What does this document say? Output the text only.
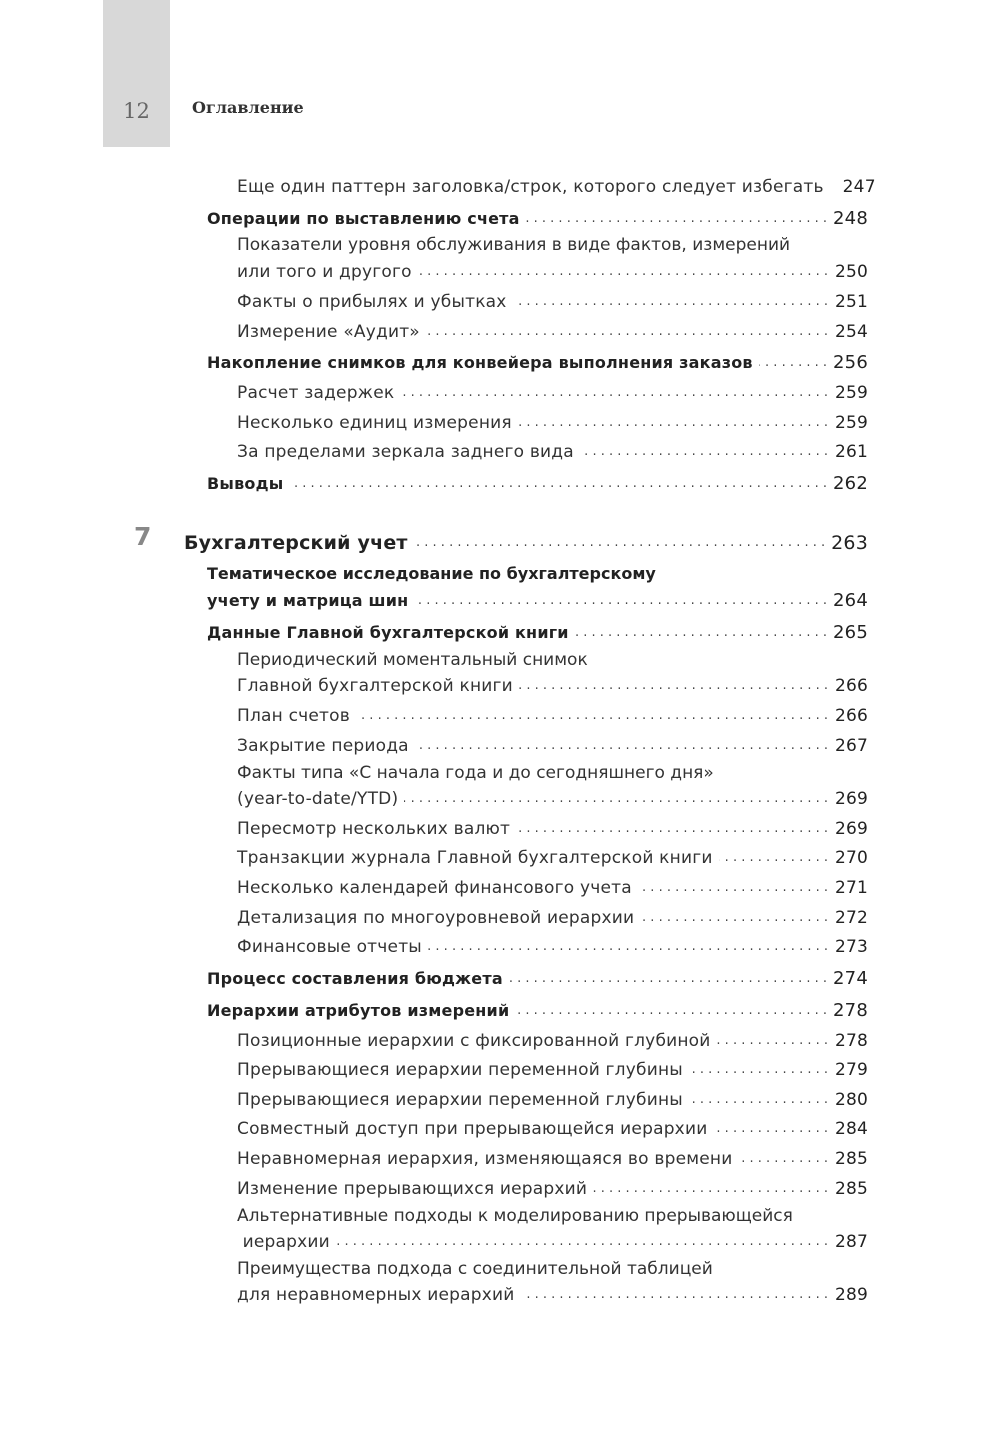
12	Оглавление
7
Еще один паттерн заголовка/строк, которого следует избегать 247
Операции по выставлению счета . . .	248
Показатели уровня обслуживания в виде фактов, измерений
или того и другого . . .	250
Факты о прибылях и убытках . . .	251
Измерение «Аудит» . . .	254
Накопление снимков для конвейера выполнения заказов . . .	256
Расчет задержек . . .	259
Несколько единиц измерения . . .	259
За пределами зеркала заднего вида . . .	261
Выводы . . .	262
Бухгалтерский учет . . .	263
Тематическое исследование по бухгалтерскому
учету и матрица шин . . .	264
Данные Главной бухгалтерской книги . . .	265
Периодический моментальный снимок
Главной бухгалтерской книги . . .	266
План счетов . . .	266
Закрытие периода . . .	267
Факты типа «С начала года и до сегодняшнего дня»
(year-to-date/YTD) . . .	269
Пересмотр нескольких валют . . .	269
Транзакции журнала Главной бухгалтерской книги . . .	270
Несколько календарей финансового учета . . .	271
Детализация по многоуровневой иерархии . . .	272
Финансовые отчеты . . .	273
Процесс составления бюджета . . .	274
Иерархии атрибутов измерений . . .	278
Позиционные иерархии с фиксированной глубиной . . .	278
Прерывающиеся иерархии переменной глубины . . .	279
Прерывающиеся иерархии переменной глубины . . .	280
Совместный доступ при прерывающейся иерархии . . .	284
Неравномерная иерархия, изменяющаяся во времени . . .	285
Изменение прерывающихся иерархий . . .	285
Альтернативные подходы к моделированию прерывающейся
иерархии . . .	287
Преимущества подхода с соединительной таблицей
для неравномерных иерархий . . .	289
